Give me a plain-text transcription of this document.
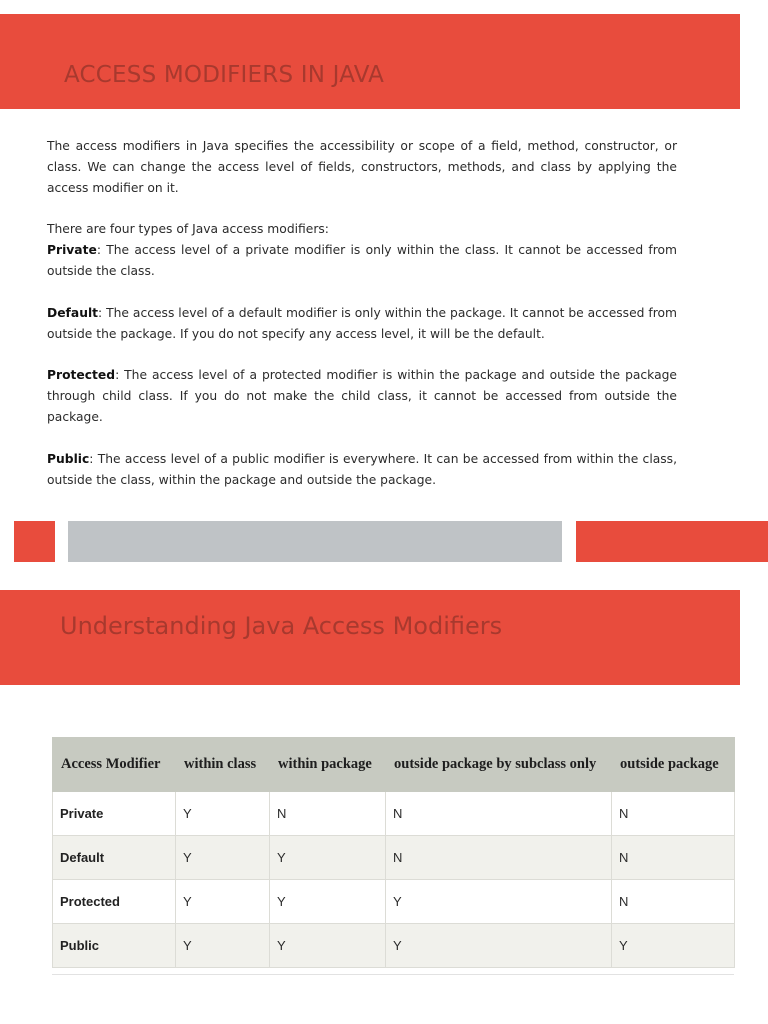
ACCESS MODIFIERS IN JAVA

The access modifiers in Java specifies the accessibility or scope of a field, method, constructor, or class. We can change the access level of fields, constructors, methods, and class by applying the access modifier on it.

There are four types of Java access modifiers:

Private: The access level of a private modifier is only within the class. It cannot be accessed from outside the class.

Default: The access level of a default modifier is only within the package. It cannot be accessed from outside the package. If you do not specify any access level, it will be the default.

Protected: The access level of a protected modifier is within the package and outside the package through child class. If you do not make the child class, it cannot be accessed from outside the package.

Public: The access level of a public modifier is everywhere. It can be accessed from within the class, outside the class, within the package and outside the package.

Understanding Java Access Modifiers
Access Modifier	within class	within package	outside package by subclass only	outside package
Private	Y	N	N	N
Default	Y	Y	N	N
Protected	Y	Y	Y	N
Public	Y	Y	Y	Y
